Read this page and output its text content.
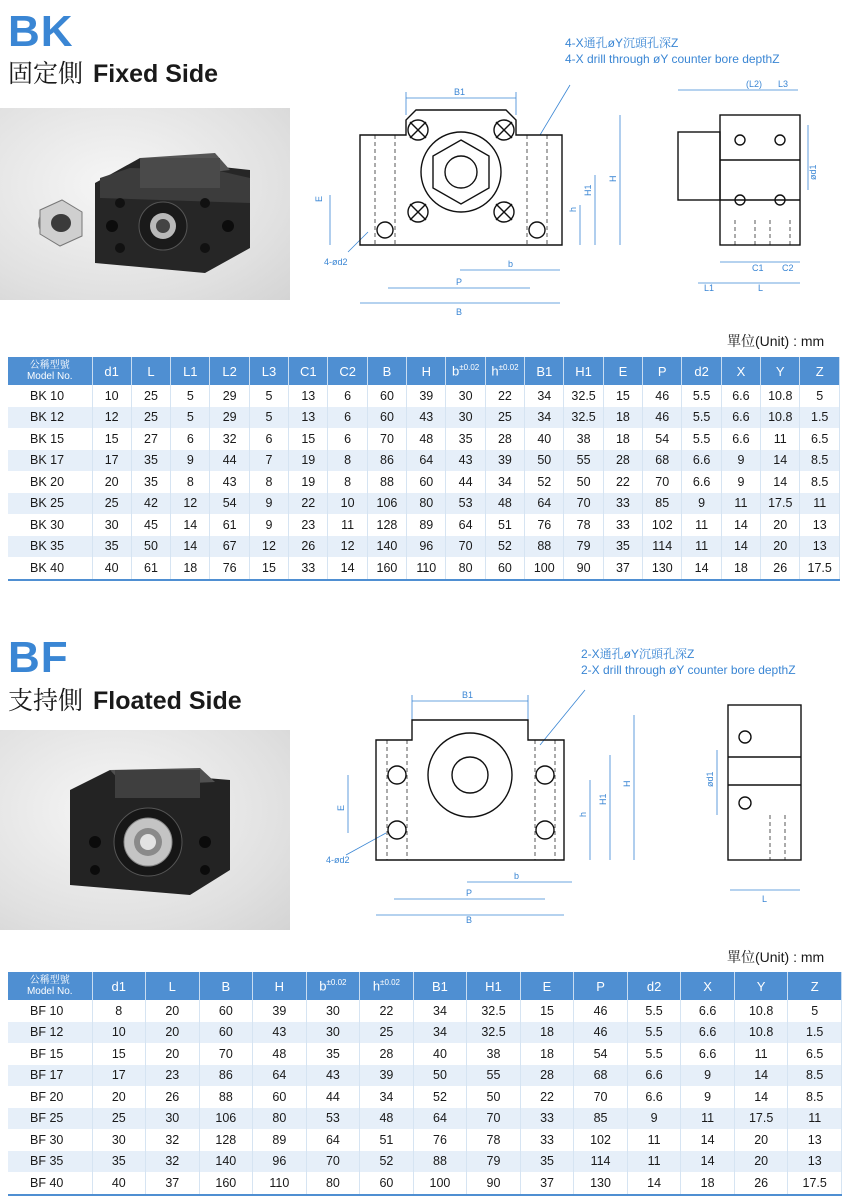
BK
固定側 Fixed Side
4-X通孔øY沉頭孔深Z
4-X drill through øY counter bore depthZ
B1
E
4-ød2
h
H1
H
b
P
B
(L2) L3
ød1
C1 C2
L1	L
單位(Unit) : mm
公稱型號
Model No.	d1	L	L1	L2	L3	C1	C2	B	H	$b^{\pm 0.02}$	$h^{\pm 0.02}$	B1	H1	E	P	d2	X	Y	Z
BK 10	10	25	5	29	5	13	6	60	39	30	22	34	32.5	15	46	5.5	6.6	10.8	5
BK 12	12	25	5	29	5	13	6	60	43	30	25	34	32.5	18	46	5.5	6.6	10.8	1.5
BK 15	15	27	6	32	6	15	6	70	48	35	28	40	38	18	54	5.5	6.6	11	6.5
BK 17	17	35	9	44	7	19	8	86	64	43	39	50	55	28	68	6.6	9	14	8.5
BK 20	20	35	8	43	8	19	8	88	60	44	34	52	50	22	70	6.6	9	14	8.5
BK 25	25	42	12	54	9	22	10	106	80	53	48	64	70	33	85	9	11	17.5	11
BK 30	30	45	14	61	9	23	11	128	89	64	51	76	78	33	102	11	14	20	13
BK 35	35	50	14	67	12	26	12	140	96	70	52	88	79	35	114	11	14	20	13
BK 40	40	61	18	76	15	33	14	160	110	80	60	100	90	37	130	14	18	26	17.5
BF
支持側 Floated Side
2-X通孔øY沉頭孔深Z
2-X drill through øY counter bore depthZ
B1
E
4-ød2
h
H1
H
b
P
B
ød1
L
單位(Unit) : mm
公稱型號
Model No.	d1	L	B	H	$b^{\pm 0.02}$	$h^{\pm 0.02}$	B1	H1	E	P	d2	X	Y	Z
BF 10	8	20	60	39	30	22	34	32.5	15	46	5.5	6.6	10.8	5
BF 12	10	20	60	43	30	25	34	32.5	18	46	5.5	6.6	10.8	1.5
BF 15	15	20	70	48	35	28	40	38	18	54	5.5	6.6	11	6.5
BF 17	17	23	86	64	43	39	50	55	28	68	6.6	9	14	8.5
BF 20	20	26	88	60	44	34	52	50	22	70	6.6	9	14	8.5
BF 25	25	30	106	80	53	48	64	70	33	85	9	11	17.5	11
BF 30	30	32	128	89	64	51	76	78	33	102	11	14	20	13
BF 35	35	32	140	96	70	52	88	79	35	114	11	14	20	13
BF 40	40	37	160	110	80	60	100	90	37	130	14	18	26	17.5
